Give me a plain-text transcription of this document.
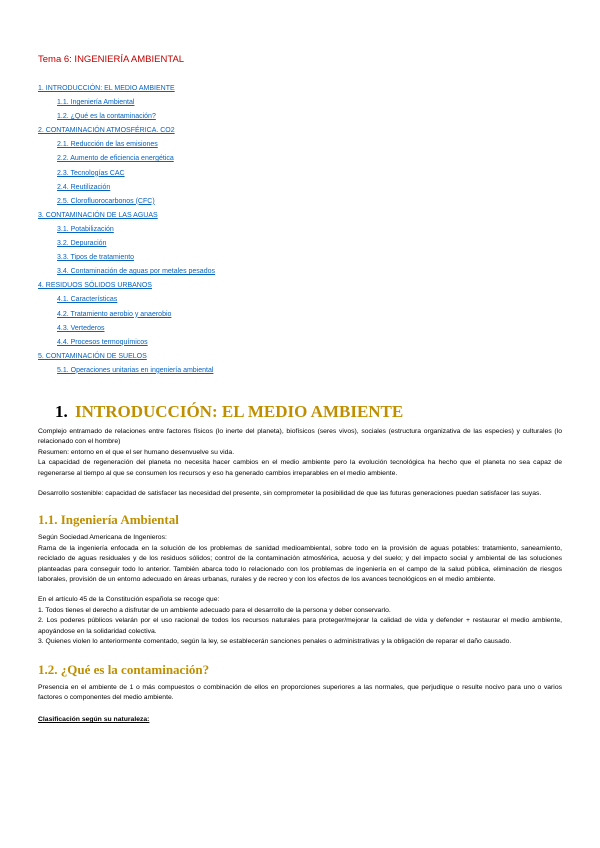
Tema 6: INGENIERÍA AMBIENTAL
1. INTRODUCCIÓN: EL MEDIO AMBIENTE
1.1. Ingeniería Ambiental
1.2. ¿Qué es la contaminación?
2. CONTAMINACIÓN ATMOSFÉRICA. CO2
2.1. Reducción de las emisiones
2.2. Aumento de eficiencia energética
2.3. Tecnologías CAC
2.4. Reutilización
2.5. Clorofluorocarbonos (CFC)
3. CONTAMINACIÓN DE LAS AGUAS
3.1. Potabilización
3.2. Depuración
3.3. Tipos de tratamiento
3.4. Contaminación de aguas por metales pesados
4. RESIDUOS SÓLIDOS URBANOS
4.1. Características
4.2. Tratamiento aerobio y anaerobio
4.3. Vertederos
4.4. Procesos termoquímicos
5. CONTAMINACIÓN DE SUELOS
5.1. Operaciones unitarias en ingeniería ambiental
1. INTRODUCCIÓN: EL MEDIO AMBIENTE

Complejo entramado de relaciones entre factores físicos (lo inerte del planeta), biofísicos (seres vivos), sociales (estructura organizativa de las especies) y culturales (lo relacionado con el hombre)

Resumen: entorno en el que el ser humano desenvuelve su vida.

La capacidad de regeneración del planeta no necesita hacer cambios en el medio ambiente pero la evolución tecnológica ha hecho que el planeta no sea capaz de regenerarse al tiempo al que se consumen los recursos y eso ha generado cambios irreparables en el medio ambiente.

Desarrollo sostenible: capacidad de satisfacer las necesidad del presente, sin comprometer la posibilidad de que las futuras generaciones puedan satisfacer las suyas.

1.1. Ingeniería Ambiental

Según Sociedad Americana de Ingenieros:

Rama de la ingeniería enfocada en la solución de los problemas de sanidad medioambiental, sobre todo en la provisión de aguas potables: tratamiento, saneamiento, reciclado de aguas residuales y de los residuos sólidos; control de la contaminación atmosférica, acuosa y del suelo; y del impacto social y ambiental de las soluciones planteadas para conseguir todo lo anterior. También abarca todo lo relacionado con los problemas de ingeniería en el campo de la salud pública, eliminación de riesgos laborales, provisión de un entorno adecuado en áreas urbanas, rurales y de recreo y con los efectos de los avances tecnológicos en el medio ambiente.

En el artículo 45 de la Constitución española se recoge que:

1. Todos tienes el derecho a disfrutar de un ambiente adecuado para el desarrollo de la persona y deber conservarlo.

2. Los poderes públicos velarán por el uso racional de todos los recursos naturales para proteger/mejorar la calidad de vida y defender + restaurar el medio ambiente, apoyándose en la solidaridad colectiva.

3. Quienes violen lo anteriormente comentado, según la ley, se establecerán sanciones penales o administrativas y la obligación de reparar el daño causado.

1.2. ¿Qué es la contaminación?

Presencia en el ambiente de 1 o más compuestos o combinación de ellos en proporciones superiores a las normales, que perjudique o resulte nocivo para uno o varios factores o componentes del medio ambiente.

Clasificación según su naturaleza:
